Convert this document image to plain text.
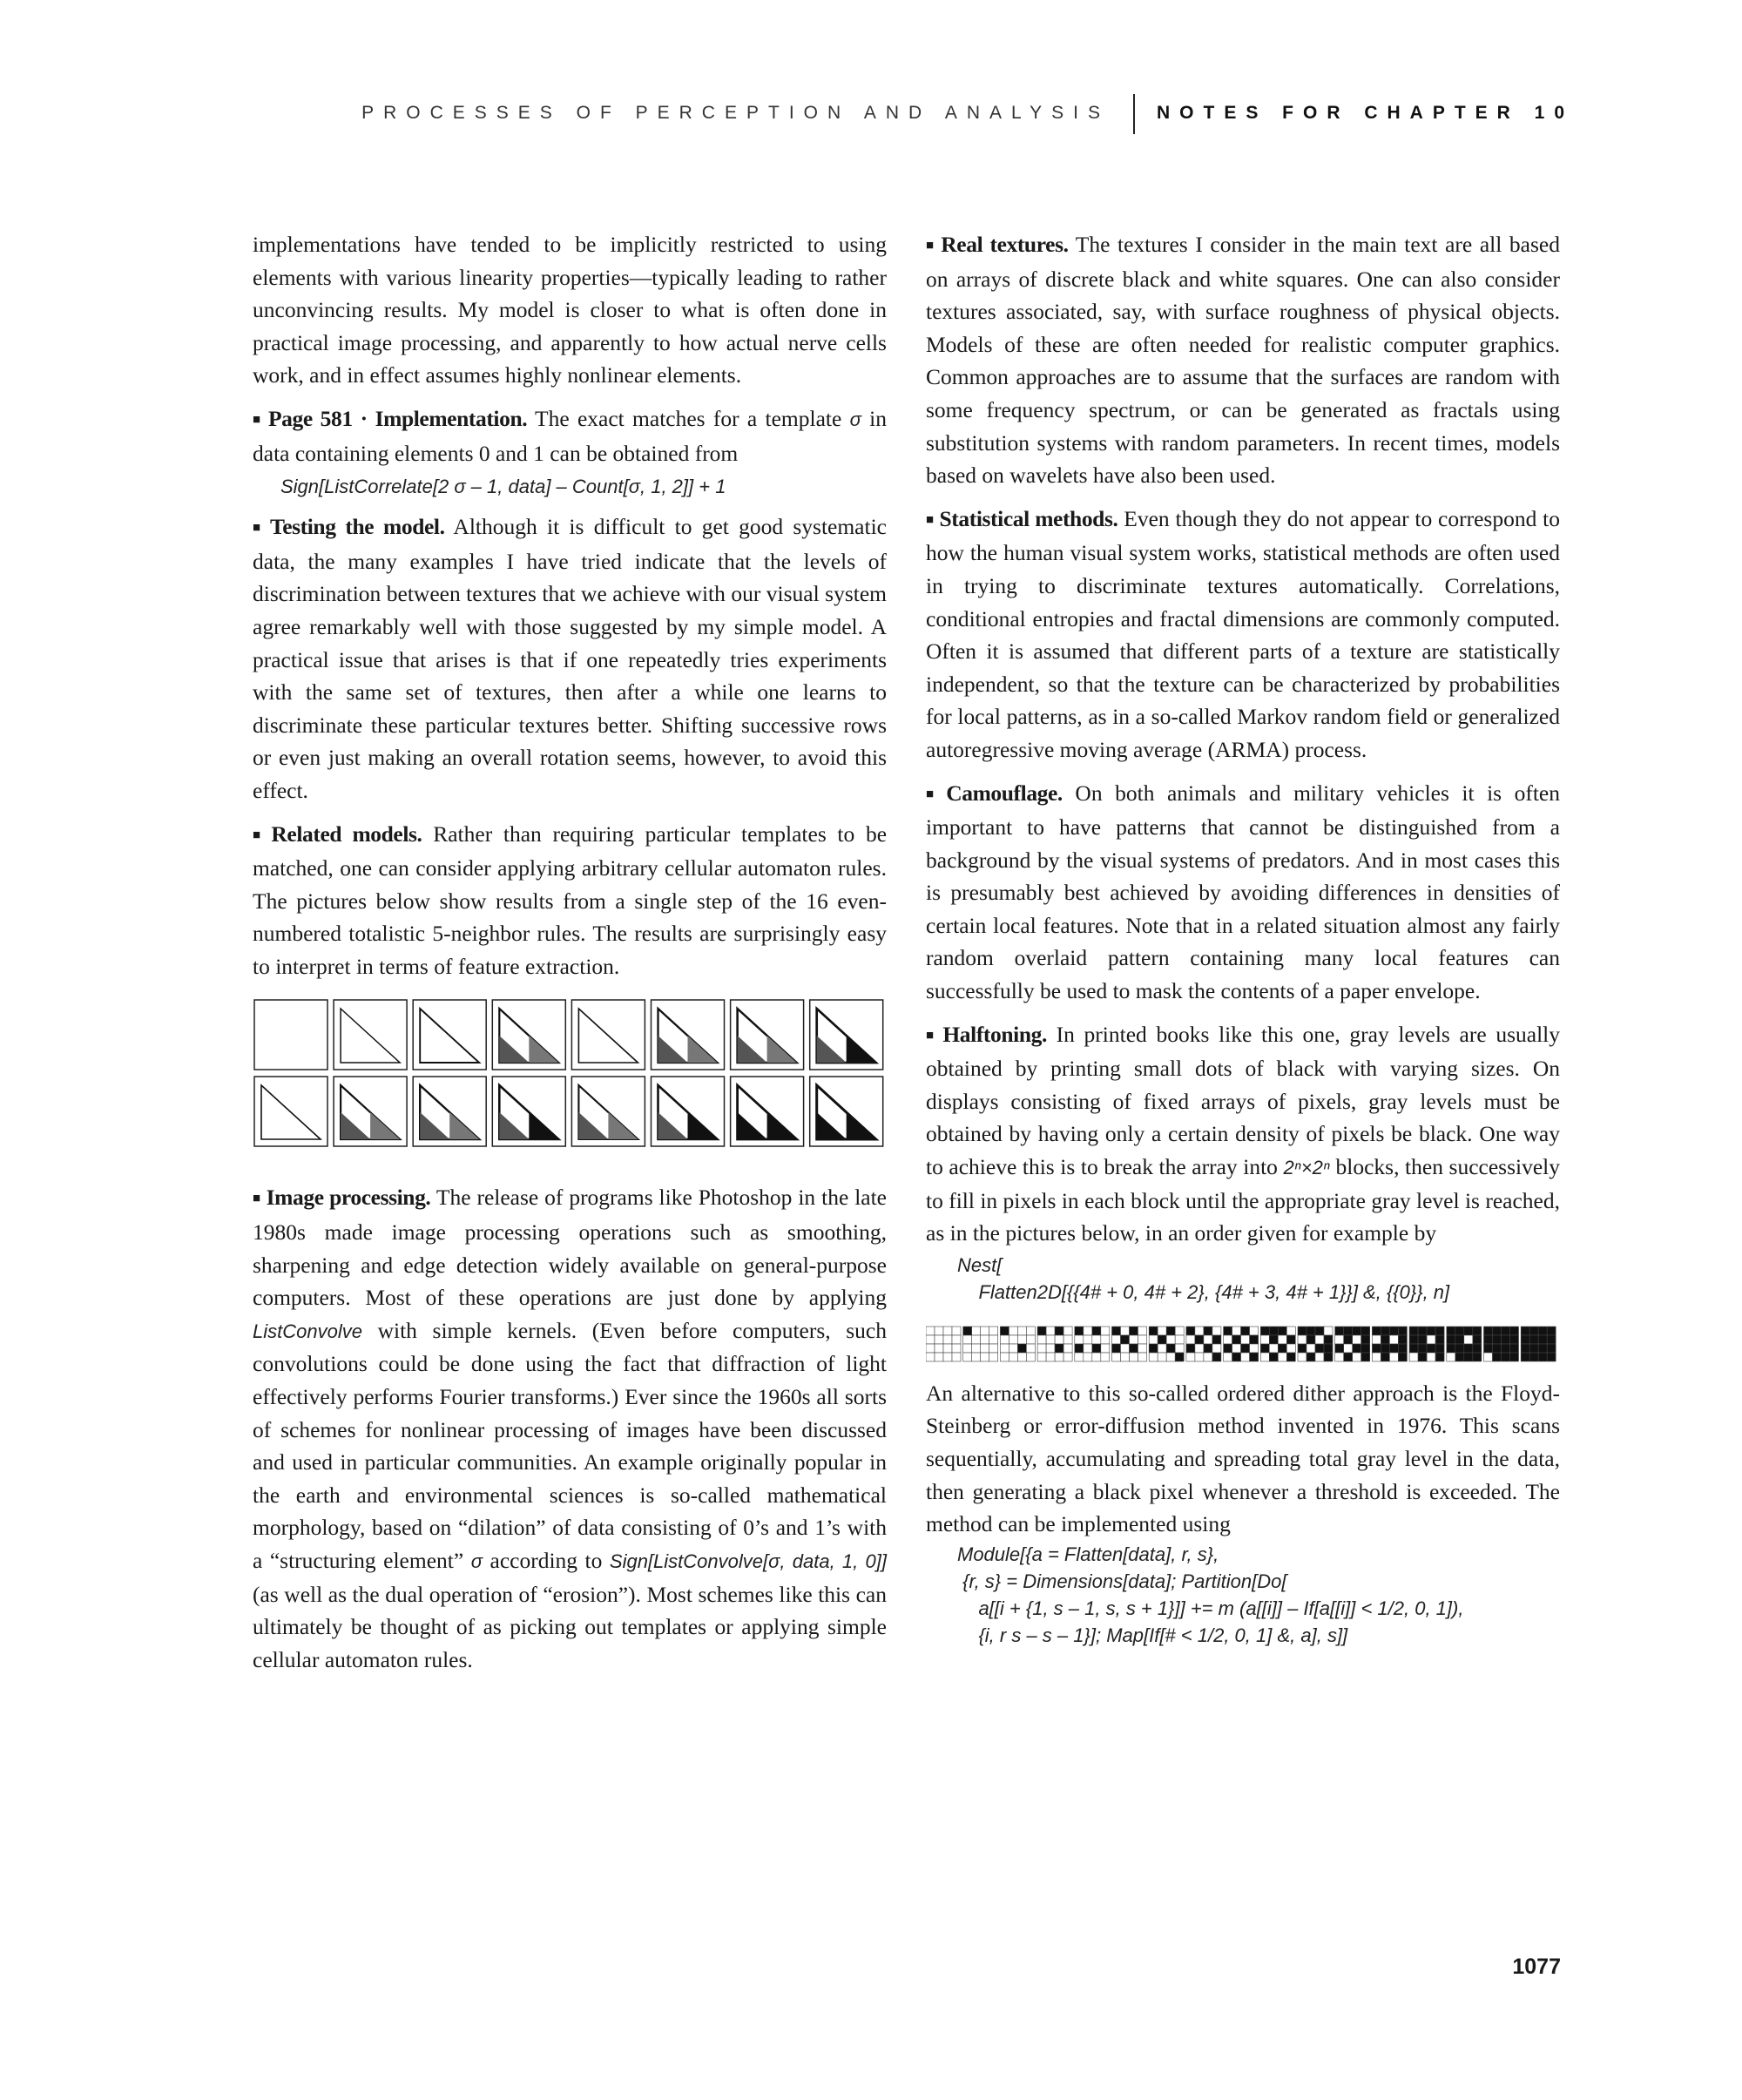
PROCESSES OF PERCEPTION AND ANALYSIS	NOTES FOR CHAPTER 10

implementations have tended to be implicitly restricted to using elements with various linearity properties—typically leading to rather unconvincing results. My model is closer to what is often done in practical image processing, and apparently to how actual nerve cells work, and in effect assumes highly nonlinear elements.

■ Page 581 · Implementation. The exact matches for a template σ in data containing elements 0 and 1 can be obtained from

Sign[ListCorrelate[2 σ – 1, data] – Count[σ, 1, 2]] + 1

■ Testing the model. Although it is difficult to get good systematic data, the many examples I have tried indicate that the levels of discrimination between textures that we achieve with our visual system agree remarkably well with those suggested by my simple model. A practical issue that arises is that if one repeatedly tries experiments with the same set of textures, then after a while one learns to discriminate these particular textures better. Shifting successive rows or even just making an overall rotation seems, however, to avoid this effect.

■ Related models. Rather than requiring particular templates to be matched, one can consider applying arbitrary cellular automaton rules. The pictures below show results from a single step of the 16 even-numbered totalistic 5-neighbor rules. The results are surprisingly easy to interpret in terms of feature extraction.

■ Image processing. The release of programs like Photoshop in the late 1980s made image processing operations such as smoothing, sharpening and edge detection widely available on general-purpose computers. Most of these operations are just done by applying ListConvolve with simple kernels. (Even before computers, such convolutions could be done using the fact that diffraction of light effectively performs Fourier transforms.) Ever since the 1960s all sorts of schemes for nonlinear processing of images have been discussed and used in particular communities. An example originally popular in the earth and environmental sciences is so-called mathematical morphology, based on “dilation” of data consisting of 0’s and 1’s with a “structuring element” σ according to Sign[ListConvolve[σ, data, 1, 0]] (as well as the dual operation of “erosion”). Most schemes like this can ultimately be thought of as picking out templates or applying simple cellular automaton rules.

■ Real textures. The textures I consider in the main text are all based on arrays of discrete black and white squares. One can also consider textures associated, say, with surface roughness of physical objects. Models of these are often needed for realistic computer graphics. Common approaches are to assume that the surfaces are random with some frequency spectrum, or can be generated as fractals using substitution systems with random parameters. In recent times, models based on wavelets have also been used.

■ Statistical methods. Even though they do not appear to correspond to how the human visual system works, statistical methods are often used in trying to discriminate textures automatically. Correlations, conditional entropies and fractal dimensions are commonly computed. Often it is assumed that different parts of a texture are statistically independent, so that the texture can be characterized by probabilities for local patterns, as in a so-called Markov random field or generalized autoregressive moving average (ARMA) process.

■ Camouflage. On both animals and military vehicles it is often important to have patterns that cannot be distinguished from a background by the visual systems of predators. And in most cases this is presumably best achieved by avoiding differences in densities of certain local features. Note that in a related situation almost any fairly random overlaid pattern containing many local features can successfully be used to mask the contents of a paper envelope.

■ Halftoning. In printed books like this one, gray levels are usually obtained by printing small dots of black with varying sizes. On displays consisting of fixed arrays of pixels, gray levels must be obtained by having only a certain density of pixels be black. One way to achieve this is to break the array into 2ⁿ×2ⁿ blocks, then successively to fill in pixels in each block until the appropriate gray level is reached, as in the pictures below, in an order given for example by

Nest[
Flatten2D[{{4# + 0, 4# + 2}, {4# + 3, 4# + 1}}] &, {{0}}, n]

An alternative to this so-called ordered dither approach is the Floyd-Steinberg or error-diffusion method invented in 1976. This scans sequentially, accumulating and spreading total gray level in the data, then generating a black pixel whenever a threshold is exceeded. The method can be implemented using

Module[{a = Flatten[data], r, s},
{r, s} = Dimensions[data]; Partition[Do[
a[[i + {1, s – 1, s, s + 1}]] += m (a[[i]] – If[a[[i]] < 1/2, 0, 1]),
{i, r s – s – 1}]; Map[If[# < 1/2, 0, 1] &, a], s]]
1077
